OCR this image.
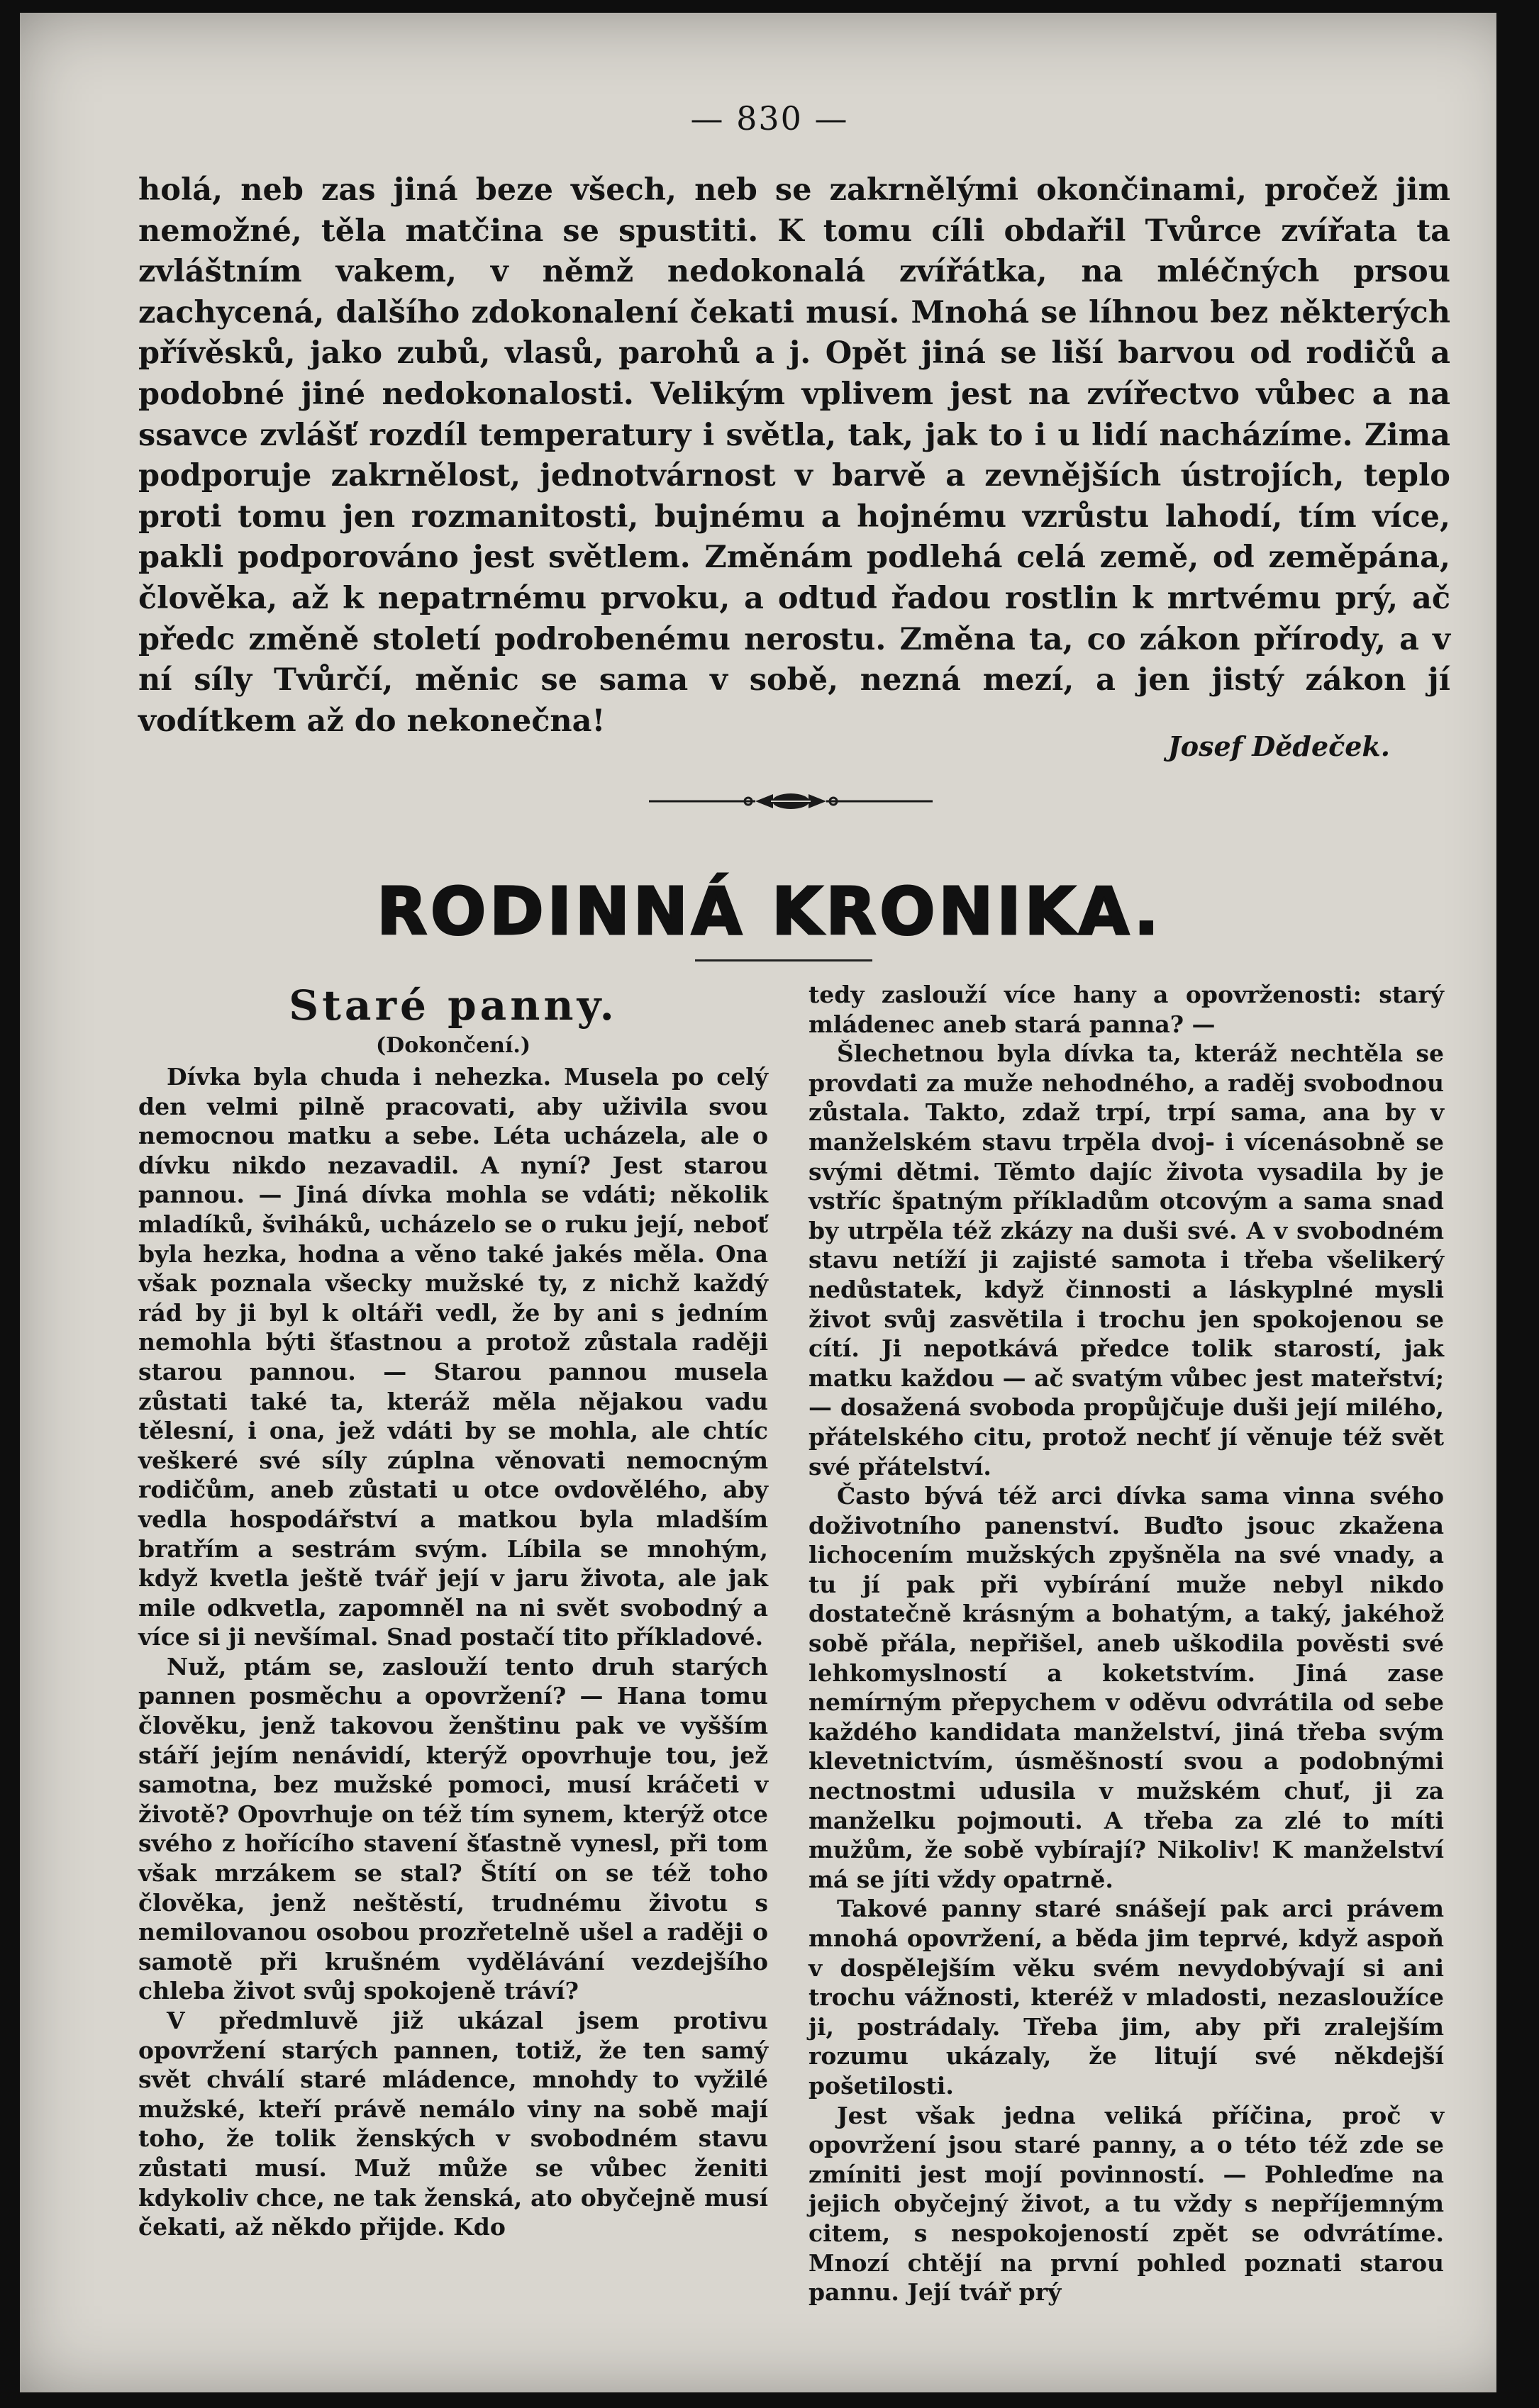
— 830 —

holá, neb zas jiná beze všech, neb se zakrnělými okončinami, pročež jim nemožné, těla matčina se spustiti. K tomu cíli obdařil Tvůrce zvířata ta zvláštním vakem, v němž nedokonalá zvířátka, na mléčných prsou zachycená, dalšího zdokonalení čekati musí. Mnohá se líhnou bez některých přívěsků, jako zubů, vlasů, parohů a j. Opět jiná se liší barvou od rodičů a podobné jiné nedokonalosti. Velikým vplivem jest na zvířectvo vůbec a na ssavce zvlášť rozdíl temperatury i světla, tak, jak to i u lidí nacházíme. Zima podporuje zakrnělost, jednotvárnost v barvě a zevnějších ústrojích, teplo proti tomu jen rozmanitosti, bujnému a hojnému vzrůstu lahodí, tím více, pakli podporováno jest světlem. Změnám podlehá celá země, od zeměpána, člověka, až k nepatrnému prvoku, a odtud řadou rostlin k mrtvému prý, ač předc změně století podrobenému nerostu. Změna ta, co zákon přírody, a v ní síly Tvůrčí, měnic se sama v sobě, nezná mezí, a jen jistý zákon jí vodítkem až do nekonečna!

Josef Dědeček.
RODINNÁ KRONIKA.
Staré panny.
(Dokončení.)

Dívka byla chuda i nehezka. Musela po celý den velmi pilně pracovati, aby uživila svou nemocnou matku a sebe. Léta ucházela, ale o dívku nikdo nezavadil. A nyní? Jest starou pannou. — Jiná dívka mohla se vdáti; několik mladíků, šviháků, ucházelo se o ruku její, neboť byla hezka, hodna a věno také jakés měla. Ona však poznala všecky mužské ty, z nichž každý rád by ji byl k oltáři vedl, že by ani s jedním nemohla býti šťastnou a protož zůstala raději starou pannou. — Starou pannou musela zůstati také ta, kteráž měla nějakou vadu tělesní, i ona, jež vdáti by se mohla, ale chtíc veškeré své síly zúplna věnovati nemocným rodičům, aneb zůstati u otce ovdovělého, aby vedla hospodářství a matkou byla mladším bratřím a sestrám svým. Líbila se mnohým, když kvetla ještě tvář její v jaru života, ale jak mile odkvetla, zapomněl na ni svět svobodný a více si ji nevšímal. Snad postačí tito příkladové.

Nuž, ptám se, zaslouží tento druh starých pannen posměchu a opovržení? — Hana tomu člověku, jenž takovou ženštinu pak ve vyšším stáří jejím nenávidí, kterýž opovrhuje tou, jež samotna, bez mužské pomoci, musí kráčeti v životě? Opovrhuje on též tím synem, kterýž otce svého z hořícího stavení šťastně vynesl, při tom však mrzákem se stal? Štítí on se též toho člověka, jenž neštěstí, trudnému životu s nemilovanou osobou prozřetelně ušel a raději o samotě při krušném vydělávání vezdejšího chleba život svůj spokojeně tráví?

V předmluvě již ukázal jsem protivu opovržení starých pannen, totiž, že ten samý svět chválí staré mládence, mnohdy to vyžilé mužské, kteří právě nemálo viny na sobě mají toho, že tolik ženských v svobodném stavu zůstati musí. Muž může se vůbec ženiti kdykoliv chce, ne tak ženská, ato obyčejně musí čekati, až někdo přijde. Kdo

tedy zaslouží více hany a opovrženosti: starý mládenec aneb stará panna? —

Šlechetnou byla dívka ta, kteráž nechtěla se provdati za muže nehodného, a raděj svobodnou zůstala. Takto, zdaž trpí, trpí sama, ana by v manželském stavu trpěla dvoj- i vícenásobně se svými dětmi. Těmto dajíc života vysadila by je vstříc špatným příkladům otcovým a sama snad by utrpěla též zkázy na duši své. A v svobodném stavu netíží ji zajisté samota i třeba všelikerý nedůstatek, když činnosti a láskyplné mysli život svůj zasvětila i trochu jen spokojenou se cítí. Ji nepotkává předce tolik starostí, jak matku každou — ač svatým vůbec jest mateřství; — dosažená svoboda propůjčuje duši její milého, přátelského citu, protož nechť jí věnuje též svět své přátelství.

Často bývá též arci dívka sama vinna svého doživotního panenství. Buďto jsouc zkažena lichocením mužských zpyšněla na své vnady, a tu jí pak při vybírání muže nebyl nikdo dostatečně krásným a bohatým, a taký, jakéhož sobě přála, nepřišel, aneb uškodila pověsti své lehkomyslností a koketstvím. Jiná zase nemírným přepychem v oděvu odvrátila od sebe každého kandidata manželství, jiná třeba svým klevetnictvím, úsměšností svou a podobnými nectnostmi udusila v mužském chuť, ji za manželku pojmouti. A třeba za zlé to míti mužům, že sobě vybírají? Nikoliv! K manželství má se jíti vždy opatrně.

Takové panny staré snášejí pak arci právem mnohá opovržení, a běda jim teprvé, když aspoň v dospělejším věku svém nevydobývají si ani trochu vážnosti, kteréž v mladosti, nezasloužíce ji, postrádaly. Třeba jim, aby při zralejším rozumu ukázaly, že litují své někdejší pošetilosti.

Jest však jedna veliká příčina, proč v opovržení jsou staré panny, a o této též zde se zmíniti jest mojí povinností. — Pohleďme na jejich obyčejný život, a tu vždy s nepříjemným citem, s nespokojeností zpět se odvrátíme. Mnozí chtějí na první pohled poznati starou pannu. Její tvář prý
